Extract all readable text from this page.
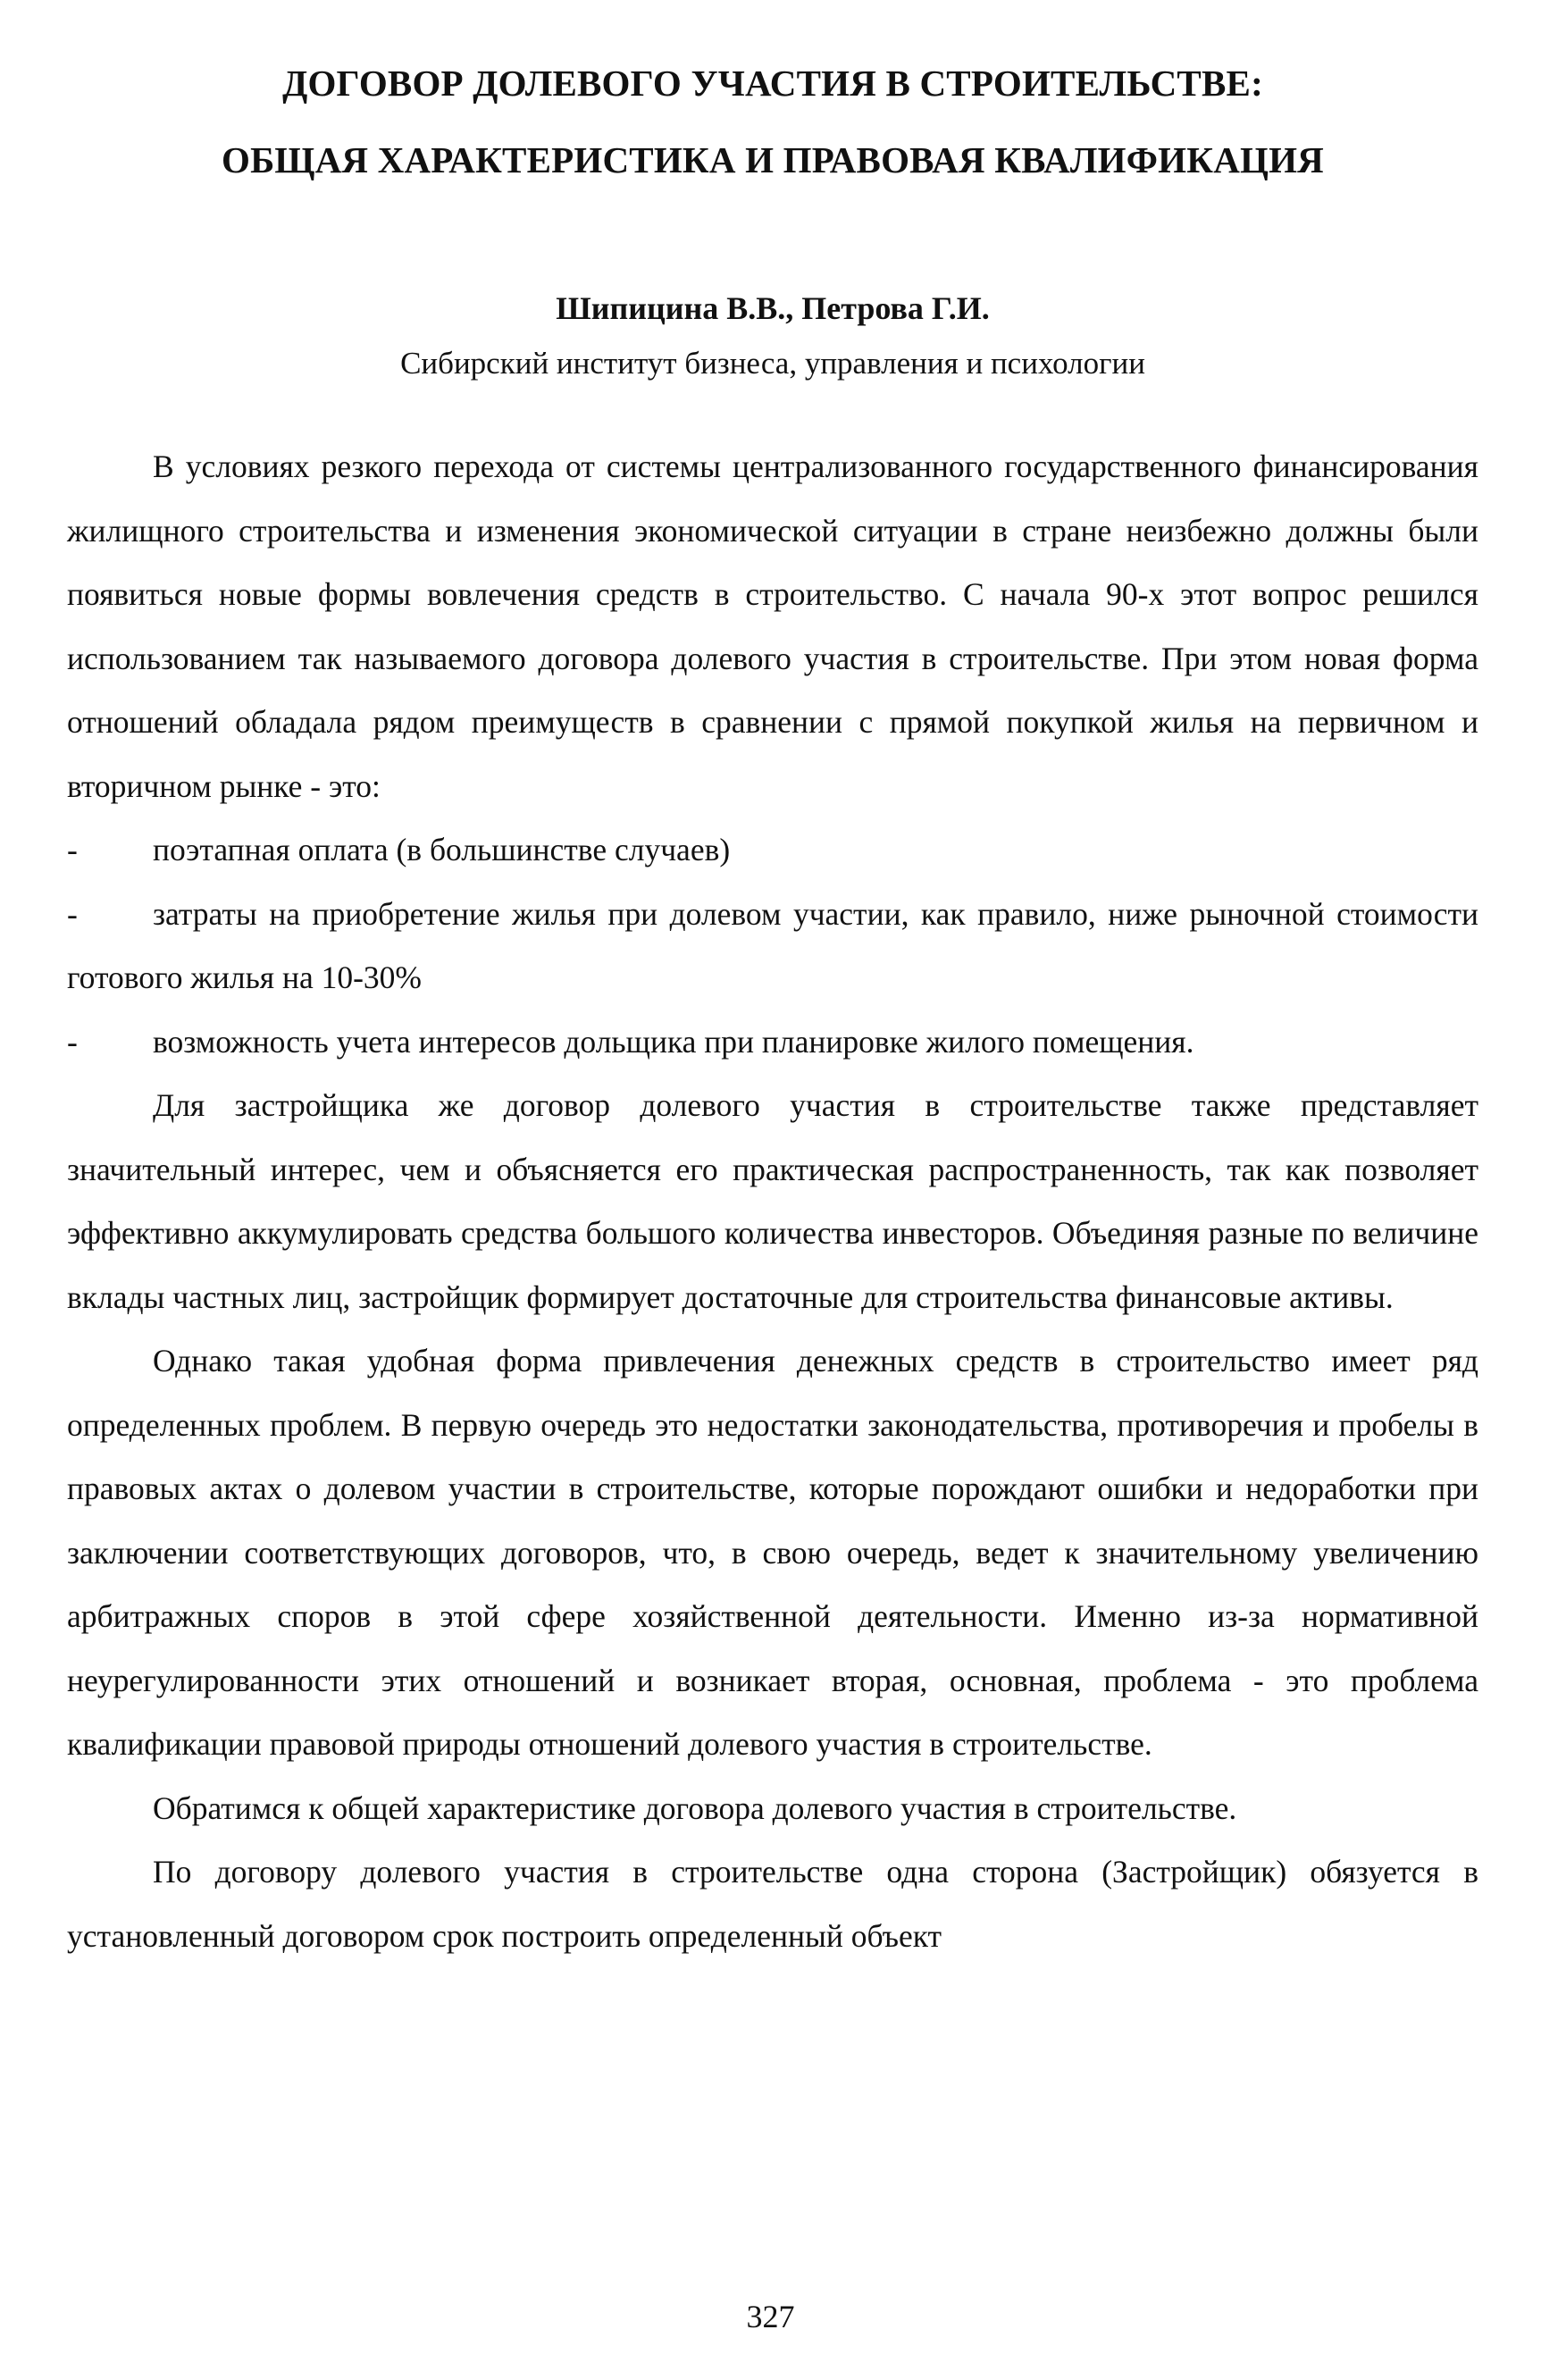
ДОГОВОР ДОЛЕВОГО УЧАСТИЯ В СТРОИТЕЛЬСТВЕ:
ОБЩАЯ ХАРАКТЕРИСТИКА И ПРАВОВАЯ КВАЛИФИКАЦИЯ
Шипицина В.В., Петрова Г.И.
Сибирский институт бизнеса, управления и психологии

В условиях резкого перехода от системы централизованного государственного финансирования жилищного строительства и изменения экономической ситуации в стране неизбежно должны были появиться новые формы вовлечения средств в строительство. С начала 90-х этот вопрос решился использованием так называемого договора долевого участия в строительстве. При этом новая форма отношений обладала рядом преимуществ в сравнении с прямой покупкой жилья на первичном и вторичном рынке - это:

- поэтапная оплата (в большинстве случаев)

- затраты на приобретение жилья при долевом участии, как правило, ниже рыночной стоимости готового жилья на 10-30%

- возможность учета интересов дольщика при планировке жилого помещения.

Для застройщика же договор долевого участия в строительстве также представляет значительный интерес, чем и объясняется его практическая распространенность, так как позволяет эффективно аккумулировать средства большого количества инвесторов. Объединяя разные по величине вклады частных лиц, застройщик формирует достаточные для строительства финансовые активы.

Однако такая удобная форма привлечения денежных средств в строительство имеет ряд определенных проблем. В первую очередь это недостатки законодательства, противоречия и пробелы в правовых актах о долевом участии в строительстве, которые порождают ошибки и недоработки при заключении соответствующих договоров, что, в свою очередь, ведет к значительному увеличению арбитражных споров в этой сфере хозяйственной деятельности. Именно из-за нормативной неурегулированности этих отношений и возникает вторая, основная, проблема - это проблема квалификации правовой природы отношений долевого участия в строительстве.

Обратимся к общей характеристике договора долевого участия в строительстве.

По договору долевого участия в строительстве одна сторона (Застройщик) обязуется в установленный договором срок построить определенный объект

327
